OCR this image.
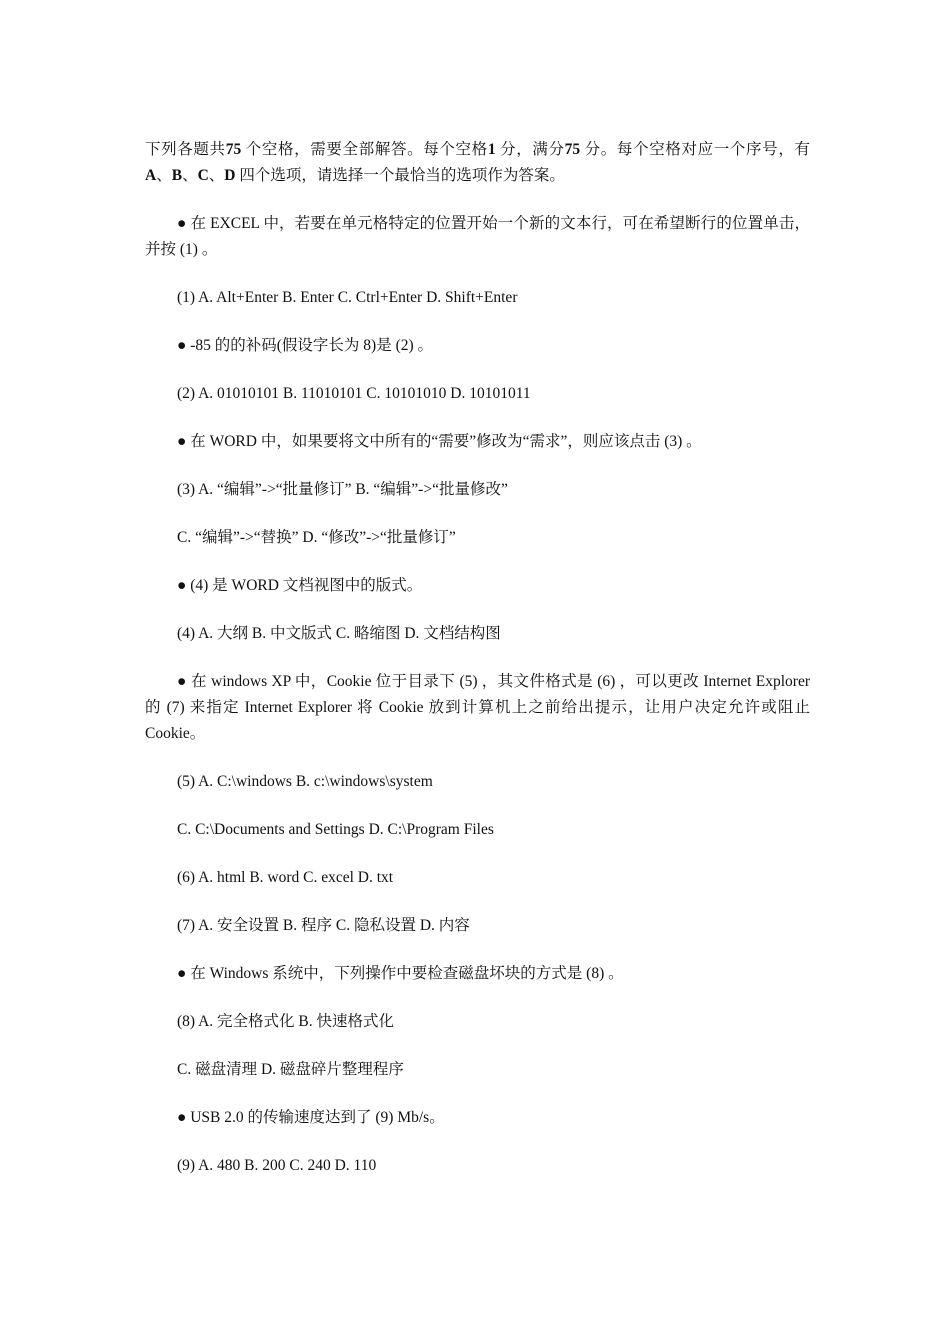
下列各题共75 个空格，需要全部解答。每个空格1 分，满分75 分。每个空格对应一个序号，有A、B、C、D 四个选项，请选择一个最恰当的选项作为答案。

● 在 EXCEL 中，若要在单元格特定的位置开始一个新的文本行，可在希望断行的位置单击，并按 (1) 。

(1) A. Alt+Enter B. Enter C. Ctrl+Enter D. Shift+Enter

● -85 的的补码(假设字长为 8)是 (2) 。

(2) A. 01010101 B. 11010101 C. 10101010 D. 10101011

● 在 WORD 中，如果要将文中所有的“需要”修改为“需求”，则应该点击 (3) 。

(3) A. “编辑”->“批量修订” B. “编辑”->“批量修改”

C. “编辑”->“替换” D. “修改”->“批量修订”

● (4) 是 WORD 文档视图中的版式。

(4) A. 大纲 B. 中文版式 C. 略缩图 D. 文档结构图

● 在 windows XP 中，Cookie 位于目录下 (5) ，其文件格式是 (6) ，可以更改 Internet Explorer 的 (7) 来指定 Internet Explorer 将 Cookie 放到计算机上之前给出提示，让用户决定允许或阻止 Cookie。

(5) A. C:\windows B. c:\windows\system

C. C:\Documents and Settings D. C:\Program Files

(6) A. html B. word C. excel D. txt

(7) A. 安全设置 B. 程序 C. 隐私设置 D. 内容

● 在 Windows 系统中，下列操作中要检查磁盘坏块的方式是 (8) 。

(8) A. 完全格式化 B. 快速格式化

C. 磁盘清理 D. 磁盘碎片整理程序

● USB 2.0 的传输速度达到了 (9) Mb/s。

(9) A. 480 B. 200 C. 240 D. 110
